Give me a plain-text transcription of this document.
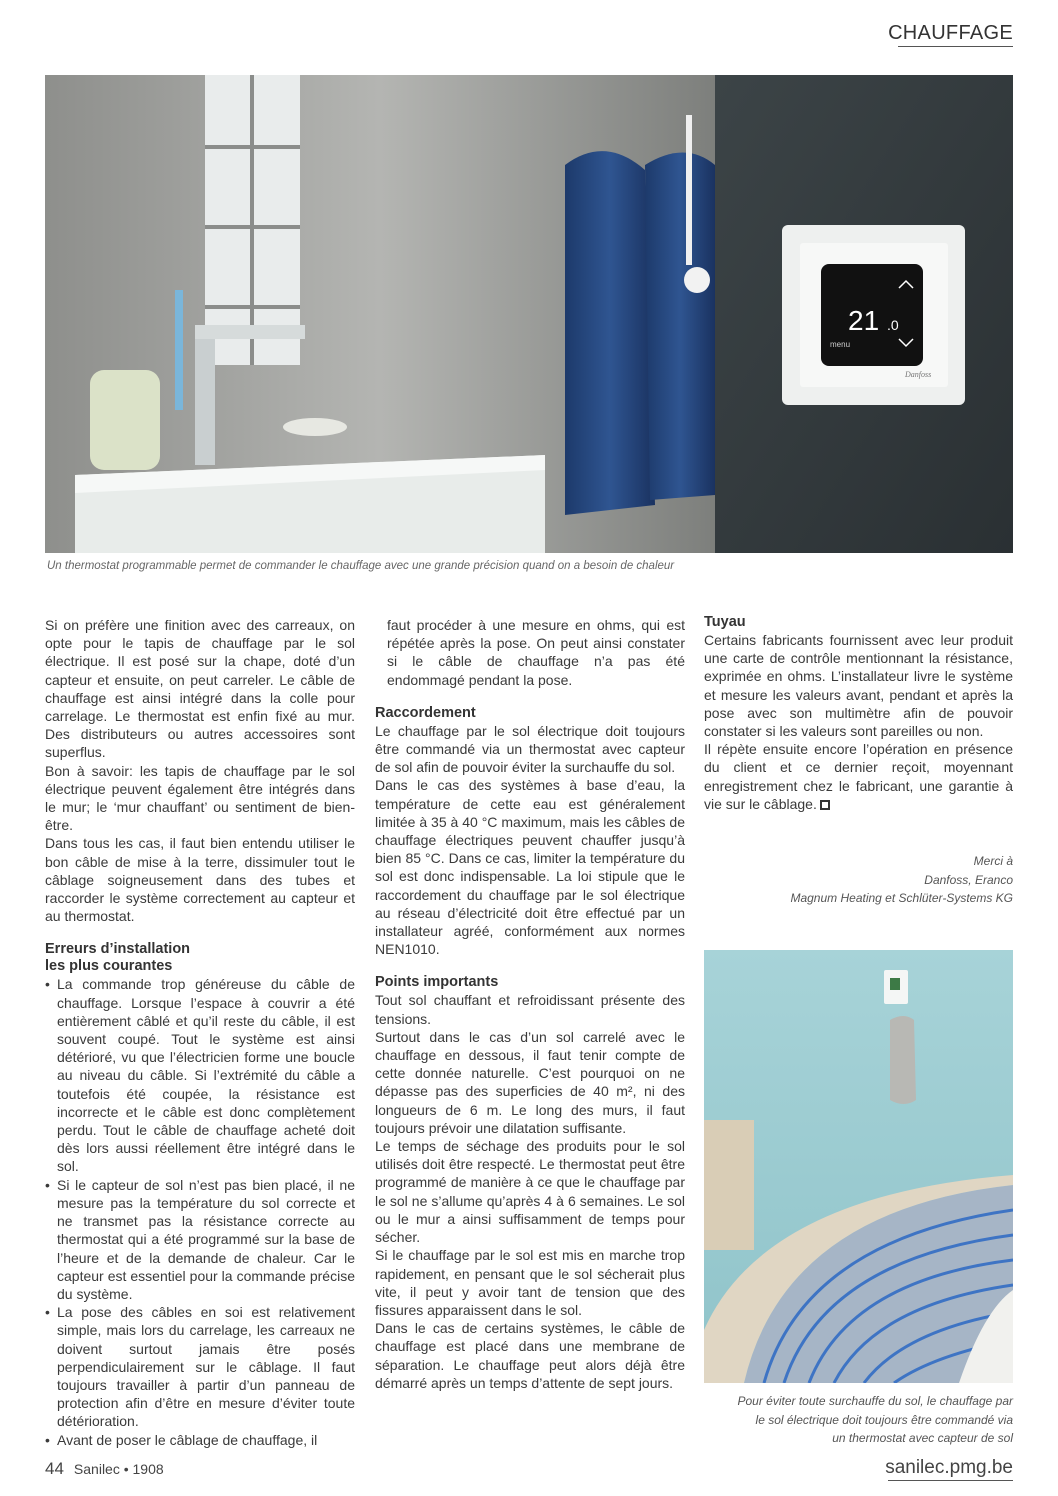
CHAUFFAGE
21 .0
menu
Danfoss
Un thermostat programmable permet de commander le chauffage avec une grande précision quand on a besoin de chaleur

Si on préfère une finition avec des carreaux, on opte pour le tapis de chauffage par le sol électrique. Il est posé sur la chape, doté d’un capteur et ensuite, on peut carreler. Le câble de chauffage est ainsi intégré dans la colle pour carrelage. Le thermostat est enfin fixé au mur. Des distributeurs ou autres accessoires sont superflus.

Bon à savoir: les tapis de chauffage par le sol électrique peuvent également être intégrés dans le mur; le ‘mur chauffant’ ou sentiment de bien-être.

Dans tous les cas, il faut bien entendu utiliser le bon câble de mise à la terre, dissimuler tout le câblage soigneusement dans des tubes et raccorder le système correctement au capteur et au thermostat.

Erreurs d’installation
les plus courantes
• La commande trop généreuse du câble de chauffage. Lorsque l’espace à couvrir a été entièrement câblé et qu’il reste du câble, il est souvent coupé. Tout le système est ainsi détérioré, vu que l’électricien forme une boucle au niveau du câble. Si l’extrémité du câble a toutefois été coupée, la résistance est incorrecte et le câble est donc complètement perdu. Tout le câble de chauffage acheté doit dès lors aussi réellement être intégré dans le sol.
• Si le capteur de sol n’est pas bien placé, il ne mesure pas la température du sol correcte et ne transmet pas la résistance correcte au thermostat qui a été programmé sur la base de l’heure et de la demande de chaleur. Car le capteur est essentiel pour la commande précise du système.
• La pose des câbles en soi est relativement simple, mais lors du carrelage, les carreaux ne doivent surtout jamais être posés perpendiculairement sur le câblage. Il faut toujours travailler à partir d’un panneau de protection afin d’être en mesure d’éviter toute détérioration.
• Avant de poser le câblage de chauffage, il

faut procéder à une mesure en ohms, qui est répétée après la pose. On peut ainsi constater si le câble de chauffage n’a pas été endommagé pendant la pose.

Raccordement

Le chauffage par le sol électrique doit toujours être commandé via un thermostat avec capteur de sol afin de pouvoir éviter la surchauffe du sol.

Dans le cas des systèmes à base d’eau, la température de cette eau est généralement limitée à 35 à 40 °C maximum, mais les câbles de chauffage électriques peuvent chauffer jusqu’à bien 85 °C. Dans ce cas, limiter la température du sol est donc indispensable. La loi stipule que le raccordement du chauffage par le sol électrique au réseau d’électricité doit être effectué par un installateur agréé, conformément aux normes NEN1010.

Points importants

Tout sol chauffant et refroidissant présente des tensions.

Surtout dans le cas d’un sol carrelé avec le chauffage en dessous, il faut tenir compte de cette donnée naturelle. C’est pourquoi on ne dépasse pas des superficies de 40 m², ni des longueurs de 6 m. Le long des murs, il faut toujours prévoir une dilatation suffisante.

Le temps de séchage des produits pour le sol utilisés doit être respecté. Le thermostat peut être programmé de manière à ce que le chauffage par le sol ne s’allume qu’après 4 à 6 semaines. Le sol ou le mur a ainsi suffisamment de temps pour sécher.

Si le chauffage par le sol est mis en marche trop rapidement, en pensant que le sol sécherait plus vite, il peut y avoir tant de tension que des fissures apparaissent dans le sol.

Dans le cas de certains systèmes, le câble de chauffage est placé dans une membrane de séparation. Le chauffage peut alors déjà être démarré après un temps d’attente de sept jours.

Tuyau

Certains fabricants fournissent avec leur produit une carte de contrôle mentionnant la résistance, exprimée en ohms. L’installateur livre le système et mesure les valeurs avant, pendant et après la pose avec son multimètre afin de pouvoir constater si les valeurs sont pareilles ou non.

Il répète ensuite encore l’opération en présence du client et ce dernier reçoit, moyennant enregistrement chez le fabricant, une garantie à vie sur le câblage.

Merci à
Danfoss, Eranco
Magnum Heating et Schlüter-Systems KG
Pour éviter toute surchauffe du sol, le chauffage par
le sol électrique doit toujours être commandé via
un thermostat avec capteur de sol
44 Sanilec • 1908	sanilec.pmg.be
